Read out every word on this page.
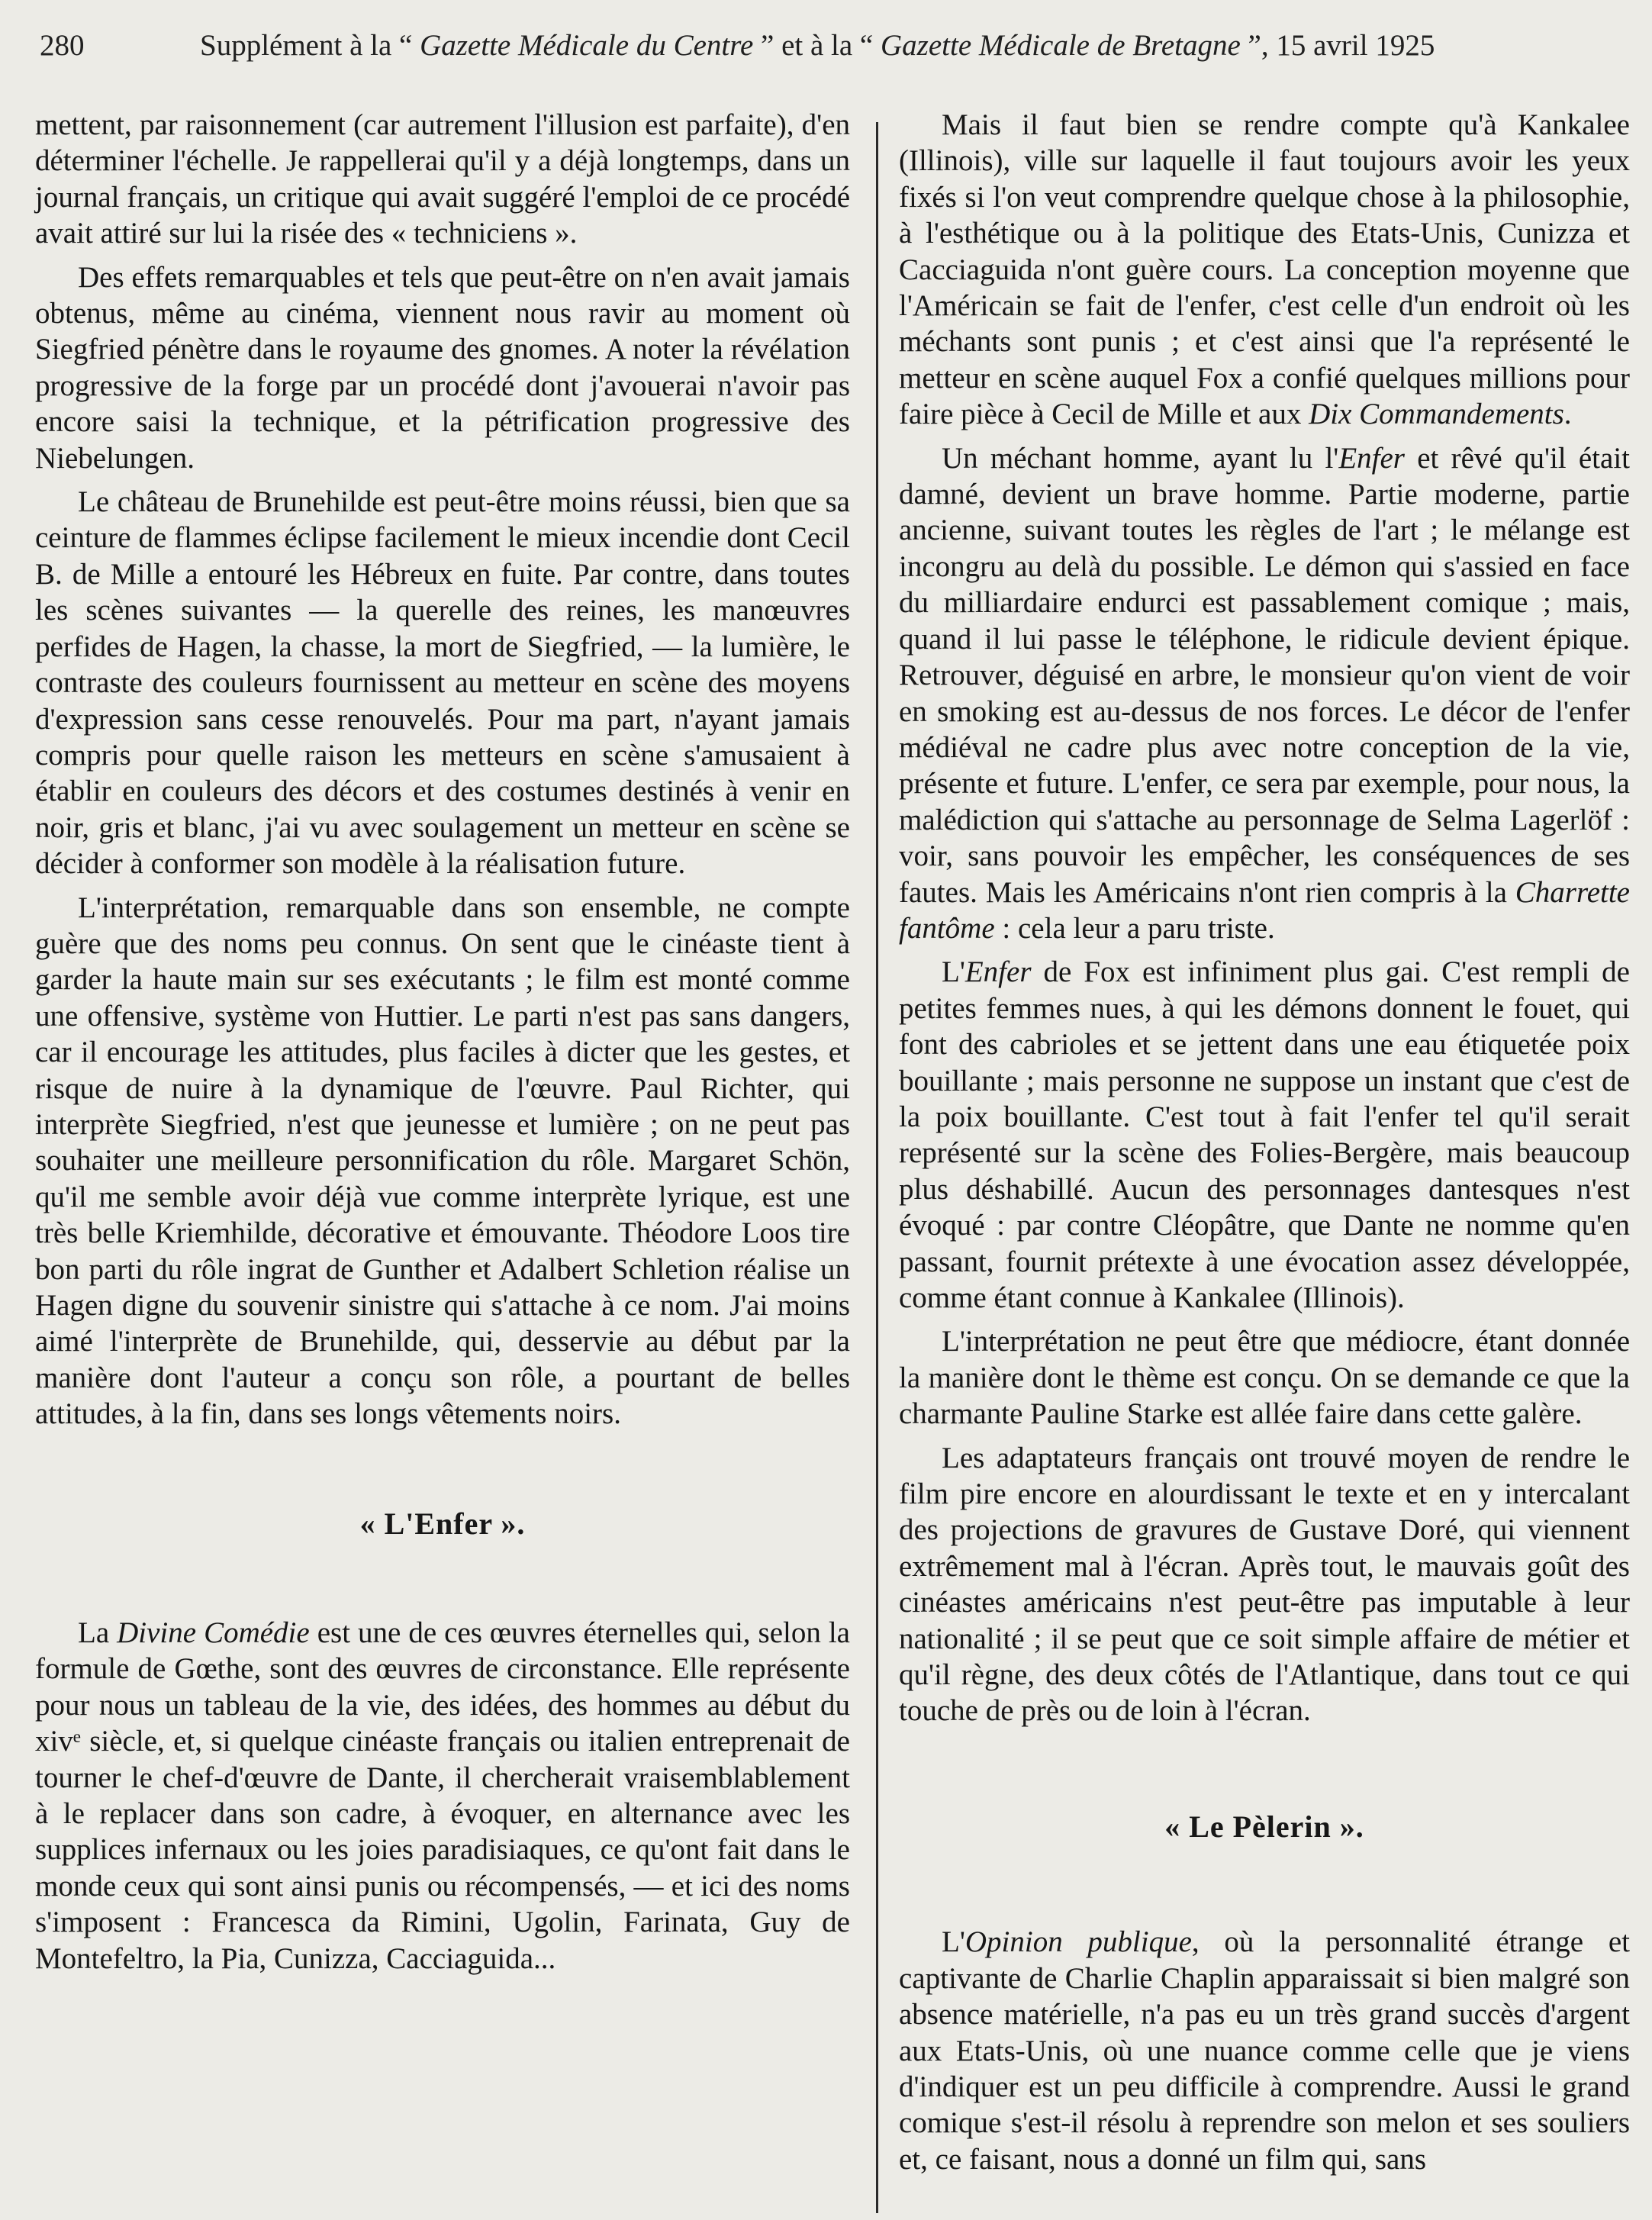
280	Supplément à la “ Gazette Médicale du Centre ” et à la “ Gazette Médicale de Bretagne ”, 15 avril 1925

mettent, par raisonnement (car autrement l'illusion est parfaite), d'en déterminer l'échelle. Je rappellerai qu'il y a déjà longtemps, dans un journal français, un critique qui avait suggéré l'emploi de ce procédé avait attiré sur lui la risée des « techniciens ».

Des effets remarquables et tels que peut-être on n'en avait jamais obtenus, même au cinéma, viennent nous ravir au moment où Siegfried pénètre dans le royaume des gnomes. A noter la révélation progressive de la forge par un procédé dont j'avouerai n'avoir pas encore saisi la technique, et la pétrification progressive des Niebelungen.

Le château de Brunehilde est peut-être moins réussi, bien que sa ceinture de flammes éclipse facilement le mieux incendie dont Cecil B. de Mille a entouré les Hébreux en fuite. Par contre, dans toutes les scènes suivantes — la querelle des reines, les manœuvres perfides de Hagen, la chasse, la mort de Siegfried, — la lumière, le contraste des couleurs fournissent au metteur en scène des moyens d'expression sans cesse renouvelés. Pour ma part, n'ayant jamais compris pour quelle raison les metteurs en scène s'amusaient à établir en couleurs des décors et des costumes destinés à venir en noir, gris et blanc, j'ai vu avec soulagement un metteur en scène se décider à conformer son modèle à la réalisation future.

L'interprétation, remarquable dans son ensemble, ne compte guère que des noms peu connus. On sent que le cinéaste tient à garder la haute main sur ses exécutants ; le film est monté comme une offensive, système von Huttier. Le parti n'est pas sans dangers, car il encourage les attitudes, plus faciles à dicter que les gestes, et risque de nuire à la dynamique de l'œuvre. Paul Richter, qui interprète Siegfried, n'est que jeunesse et lumière ; on ne peut pas souhaiter une meilleure personnification du rôle. Margaret Schön, qu'il me semble avoir déjà vue comme interprète lyrique, est une très belle Kriemhilde, décorative et émouvante. Théodore Loos tire bon parti du rôle ingrat de Gunther et Adalbert Schletion réalise un Hagen digne du souvenir sinistre qui s'attache à ce nom. J'ai moins aimé l'interprète de Brunehilde, qui, desservie au début par la manière dont l'auteur a conçu son rôle, a pourtant de belles attitudes, à la fin, dans ses longs vêtements noirs.

« L'Enfer ».

La Divine Comédie est une de ces œuvres éternelles qui, selon la formule de Gœthe, sont des œuvres de circonstance. Elle représente pour nous un tableau de la vie, des idées, des hommes au début du xivᵉ siècle, et, si quelque cinéaste français ou italien entreprenait de tourner le chef-d'œuvre de Dante, il chercherait vraisemblablement à le replacer dans son cadre, à évoquer, en alternance avec les supplices infernaux ou les joies paradisiaques, ce qu'ont fait dans le monde ceux qui sont ainsi punis ou récompensés, — et ici des noms s'imposent : Francesca da Rimini, Ugolin, Farinata, Guy de Montefeltro, la Pia, Cunizza, Cacciaguida...

Mais il faut bien se rendre compte qu'à Kankalee (Illinois), ville sur laquelle il faut toujours avoir les yeux fixés si l'on veut comprendre quelque chose à la philosophie, à l'esthétique ou à la politique des Etats-Unis, Cunizza et Cacciaguida n'ont guère cours. La conception moyenne que l'Américain se fait de l'enfer, c'est celle d'un endroit où les méchants sont punis ; et c'est ainsi que l'a représenté le metteur en scène auquel Fox a confié quelques millions pour faire pièce à Cecil de Mille et aux Dix Commandements.

Un méchant homme, ayant lu l'Enfer et rêvé qu'il était damné, devient un brave homme. Partie moderne, partie ancienne, suivant toutes les règles de l'art ; le mélange est incongru au delà du possible. Le démon qui s'assied en face du milliardaire endurci est passablement comique ; mais, quand il lui passe le téléphone, le ridicule devient épique. Retrouver, déguisé en arbre, le monsieur qu'on vient de voir en smoking est au-dessus de nos forces. Le décor de l'enfer médiéval ne cadre plus avec notre conception de la vie, présente et future. L'enfer, ce sera par exemple, pour nous, la malédiction qui s'attache au personnage de Selma Lagerlöf : voir, sans pouvoir les empêcher, les conséquences de ses fautes. Mais les Américains n'ont rien compris à la Charrette fantôme : cela leur a paru triste.

L'Enfer de Fox est infiniment plus gai. C'est rempli de petites femmes nues, à qui les démons donnent le fouet, qui font des cabrioles et se jettent dans une eau étiquetée poix bouillante ; mais personne ne suppose un instant que c'est de la poix bouillante. C'est tout à fait l'enfer tel qu'il serait représenté sur la scène des Folies-Bergère, mais beaucoup plus déshabillé. Aucun des personnages dantesques n'est évoqué : par contre Cléopâtre, que Dante ne nomme qu'en passant, fournit prétexte à une évocation assez développée, comme étant connue à Kankalee (Illinois).

L'interprétation ne peut être que médiocre, étant donnée la manière dont le thème est conçu. On se demande ce que la charmante Pauline Starke est allée faire dans cette galère.

Les adaptateurs français ont trouvé moyen de rendre le film pire encore en alourdissant le texte et en y intercalant des projections de gravures de Gustave Doré, qui viennent extrêmement mal à l'écran. Après tout, le mauvais goût des cinéastes américains n'est peut-être pas imputable à leur nationalité ; il se peut que ce soit simple affaire de métier et qu'il règne, des deux côtés de l'Atlantique, dans tout ce qui touche de près ou de loin à l'écran.

« Le Pèlerin ».

L'Opinion publique, où la personnalité étrange et captivante de Charlie Chaplin apparaissait si bien malgré son absence matérielle, n'a pas eu un très grand succès d'argent aux Etats-Unis, où une nuance comme celle que je viens d'indiquer est un peu difficile à comprendre. Aussi le grand comique s'est-il résolu à reprendre son melon et ses souliers et, ce faisant, nous a donné un film qui, sans
